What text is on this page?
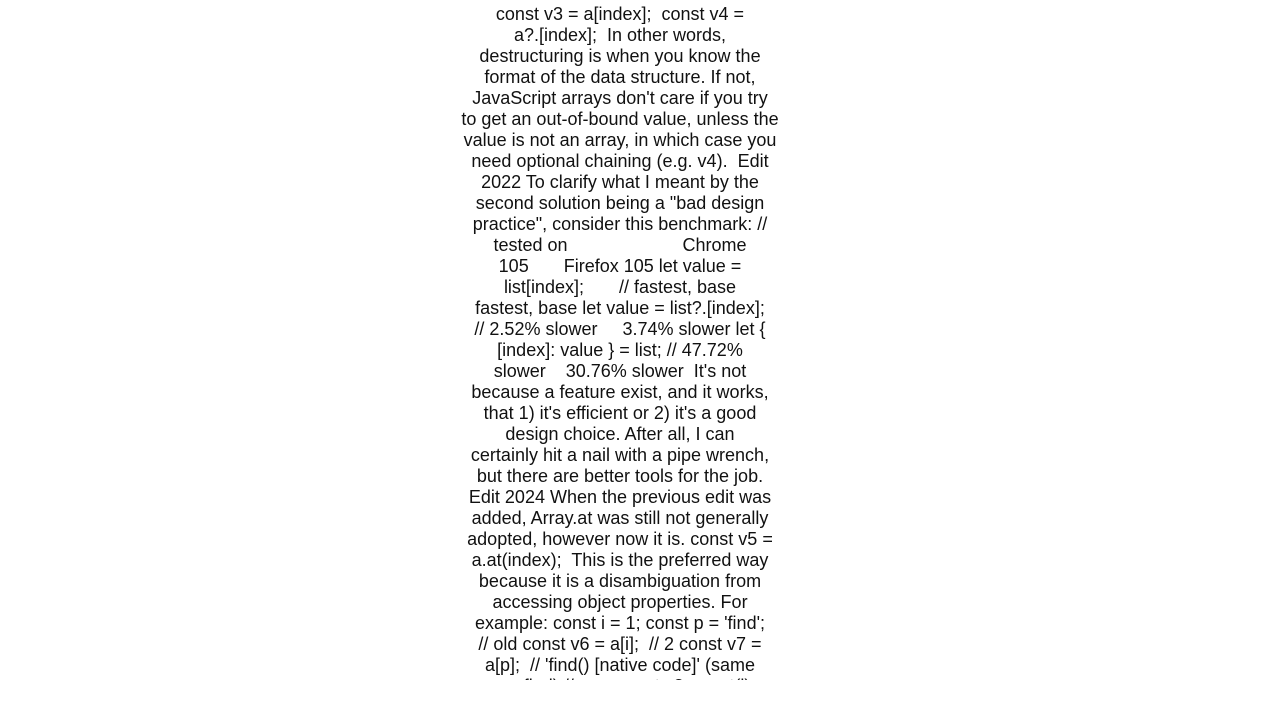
const v3 = a[index];  const v4 =
a?.[index];  In other words,
destructuring is when you know the
format of the data structure. If not,
JavaScript arrays don't care if you try
to get an out-of-bound value, unless the
value is not an array, in which case you
need optional chaining (e.g. v4).  Edit
2022 To clarify what I meant by the
second solution being a "bad design
practice", consider this benchmark: //
tested on                       Chrome
105       Firefox 105 let value =
list[index];       // fastest, base
fastest, base let value = list?.[index];
// 2.52% slower     3.74% slower let {
[index]: value } = list; // 47.72%
slower    30.76% slower  It's not
because a feature exist, and it works,
that 1) it's efficient or 2) it's a good
design choice. After all, I can
certainly hit a nail with a pipe wrench,
but there are better tools for the job.
Edit 2024 When the previous edit was
added, Array.at was still not generally
adopted, however now it is. const v5 =
a.at(index);  This is the preferred way
because it is a disambiguation from
accessing object properties. For
example: const i = 1; const p = 'find';
// old const v6 = a[i];  // 2 const v7 =
a[p];  // 'find() [native code]' (same
